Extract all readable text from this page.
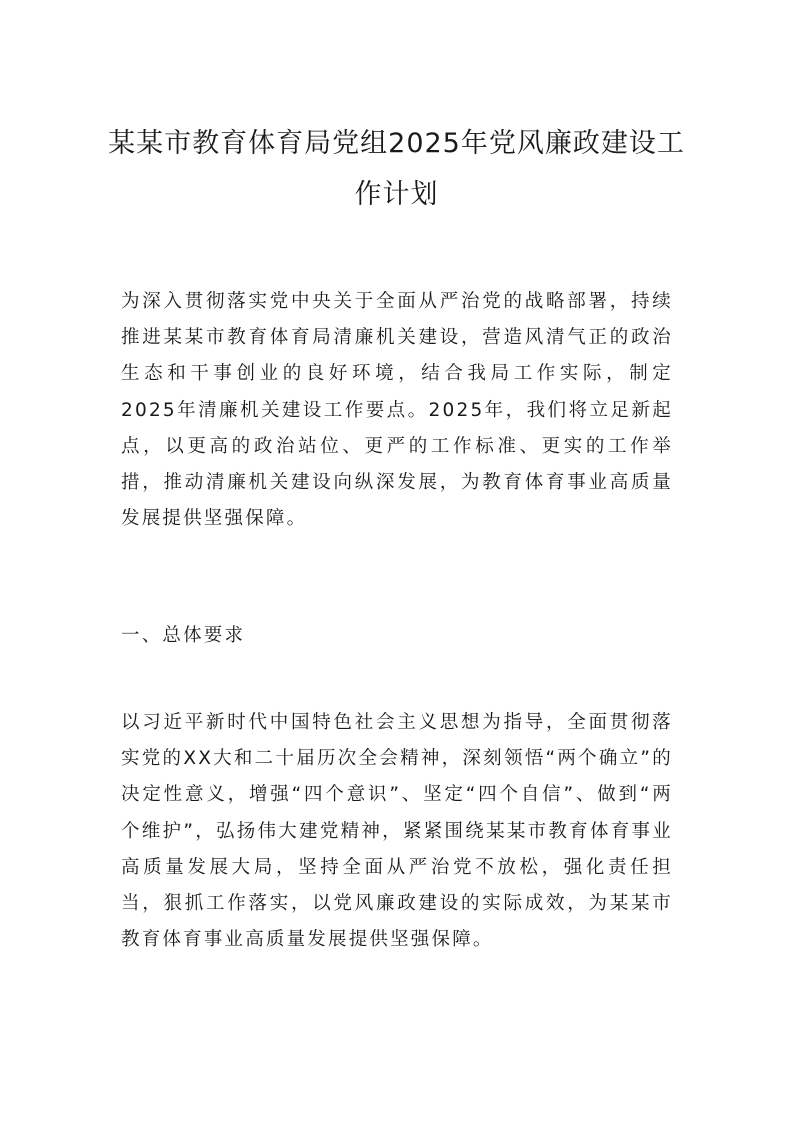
某某市教育体育局党组2025年党风廉政建设工作计划

为深入贯彻落实党中央关于全面从严治党的战略部署，持续推进某某市教育体育局清廉机关建设，营造风清气正的政治生态和干事创业的良好环境，结合我局工作实际，制定2025年清廉机关建设工作要点。2025年，我们将立足新起点，以更高的政治站位、更严的工作标准、更实的工作举措，推动清廉机关建设向纵深发展，为教育体育事业高质量发展提供坚强保障。

一、总体要求

以习近平新时代中国特色社会主义思想为指导，全面贯彻落实党的XX大和二十届历次全会精神，深刻领悟“两个确立”的决定性意义，增强“四个意识”、坚定“四个自信”、做到“两个维护”，弘扬伟大建党精神，紧紧围绕某某市教育体育事业高质量发展大局，坚持全面从严治党不放松，强化责任担当，狠抓工作落实，以党风廉政建设的实际成效，为某某市教育体育事业高质量发展提供坚强保障。
